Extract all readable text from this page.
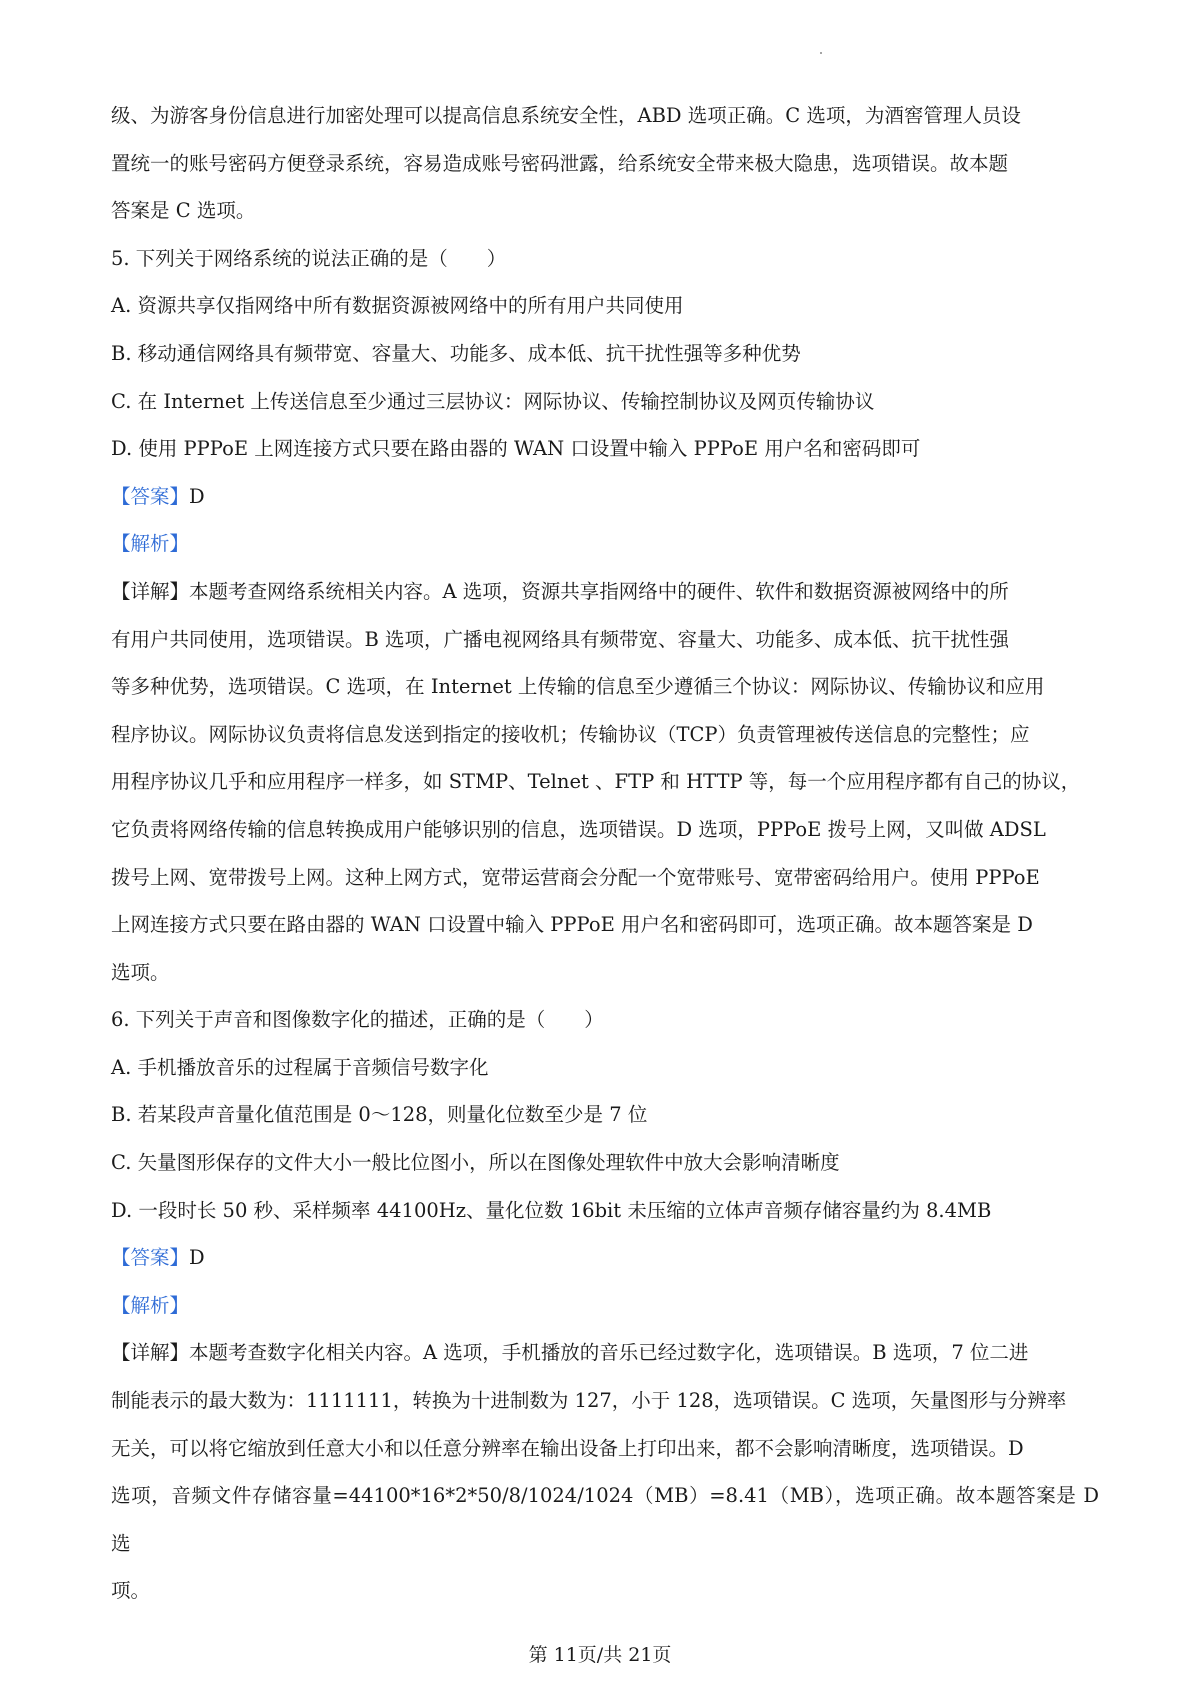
级、为游客身份信息进行加密处理可以提高信息系统安全性，ABD 选项正确。C 选项，为酒窖管理人员设

置统一的账号密码方便登录系统，容易造成账号密码泄露，给系统安全带来极大隐患，选项错误。故本题

答案是 C 选项。

5. 下列关于网络系统的说法正确的是（　　）

A. 资源共享仅指网络中所有数据资源被网络中的所有用户共同使用

B. 移动通信网络具有频带宽、容量大、功能多、成本低、抗干扰性强等多种优势

C. 在 Internet 上传送信息至少通过三层协议：网际协议、传输控制协议及网页传输协议

D. 使用 PPPoE 上网连接方式只要在路由器的 WAN 口设置中输入 PPPoE 用户名和密码即可

【答案】D

【解析】

【详解】本题考查网络系统相关内容。A 选项，资源共享指网络中的硬件、软件和数据资源被网络中的所

有用户共同使用，选项错误。B 选项，广播电视网络具有频带宽、容量大、功能多、成本低、抗干扰性强

等多种优势，选项错误。C 选项，在 Internet 上传输的信息至少遵循三个协议：网际协议、传输协议和应用

程序协议。网际协议负责将信息发送到指定的接收机；传输协议（TCP）负责管理被传送信息的完整性；应

用程序协议几乎和应用程序一样多，如 STMP、Telnet 、FTP 和 HTTP 等，每一个应用程序都有自己的协议，

它负责将网络传输的信息转换成用户能够识别的信息，选项错误。D 选项，PPPoE 拨号上网，又叫做 ADSL

拨号上网、宽带拨号上网。这种上网方式，宽带运营商会分配一个宽带账号、宽带密码给用户。使用 PPPoE

上网连接方式只要在路由器的 WAN 口设置中输入 PPPoE 用户名和密码即可，选项正确。故本题答案是 D

选项。

6. 下列关于声音和图像数字化的描述，正确的是（　　）

A. 手机播放音乐的过程属于音频信号数字化

B. 若某段声音量化值范围是 0～128，则量化位数至少是 7 位

C. 矢量图形保存的文件大小一般比位图小，所以在图像处理软件中放大会影响清晰度

D. 一段时长 50 秒、采样频率 44100Hz、量化位数 16bit 未压缩的立体声音频存储容量约为 8.4MB

【答案】D

【解析】

【详解】本题考查数字化相关内容。A 选项，手机播放的音乐已经过数字化，选项错误。B 选项，7 位二进

制能表示的最大数为：1111111，转换为十进制数为 127，小于 128，选项错误。C 选项，矢量图形与分辨率

无关，可以将它缩放到任意大小和以任意分辨率在输出设备上打印出来，都不会影响清晰度，选项错误。D

选项，音频文件存储容量=44100*16*2*50/8/1024/1024（MB）=8.41（MB），选项正确。故本题答案是 D 选

项。

第 11页/共 21页
